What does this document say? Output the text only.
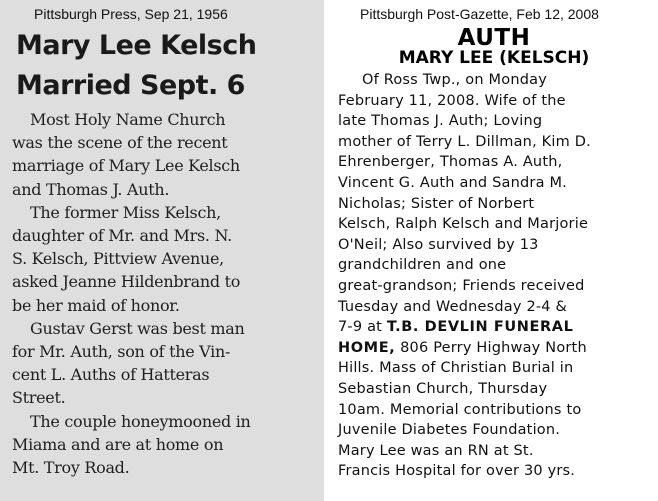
Pittsburgh Press, Sep 21, 1956
Mary Lee Kelsch
Married Sept. 6

Most Holy Name Church
was the scene of the recent
marriage of Mary Lee Kelsch
and Thomas J. Auth.

The former Miss Kelsch,
daughter of Mr. and Mrs. N.
S. Kelsch, Pittview Avenue,
asked Jeanne Hildenbrand to
be her maid of honor.

Gustav Gerst was best man
for Mr. Auth, son of the Vin-
cent L. Auths of Hatteras
Street.

The couple honeymooned in
Miama and are at home on
Mt. Troy Road.

Pittsburgh Post-Gazette, Feb 12, 2008
AUTH
MARY LEE (KELSCH)

Of Ross Twp., on Monday
February 11, 2008. Wife of the
late Thomas J. Auth; Loving
mother of Terry L. Dillman, Kim D.
Ehrenberger, Thomas A. Auth,
Vincent G. Auth and Sandra M.
Nicholas; Sister of Norbert
Kelsch, Ralph Kelsch and Marjorie
O'Neil; Also survived by 13
grandchildren and one
great-grandson; Friends received
Tuesday and Wednesday 2-4 &
7-9 at T.B. DEVLIN FUNERAL
HOME, 806 Perry Highway North
Hills. Mass of Christian Burial in
Sebastian Church, Thursday
10am. Memorial contributions to
Juvenile Diabetes Foundation.
Mary Lee was an RN at St.
Francis Hospital for over 30 yrs.
